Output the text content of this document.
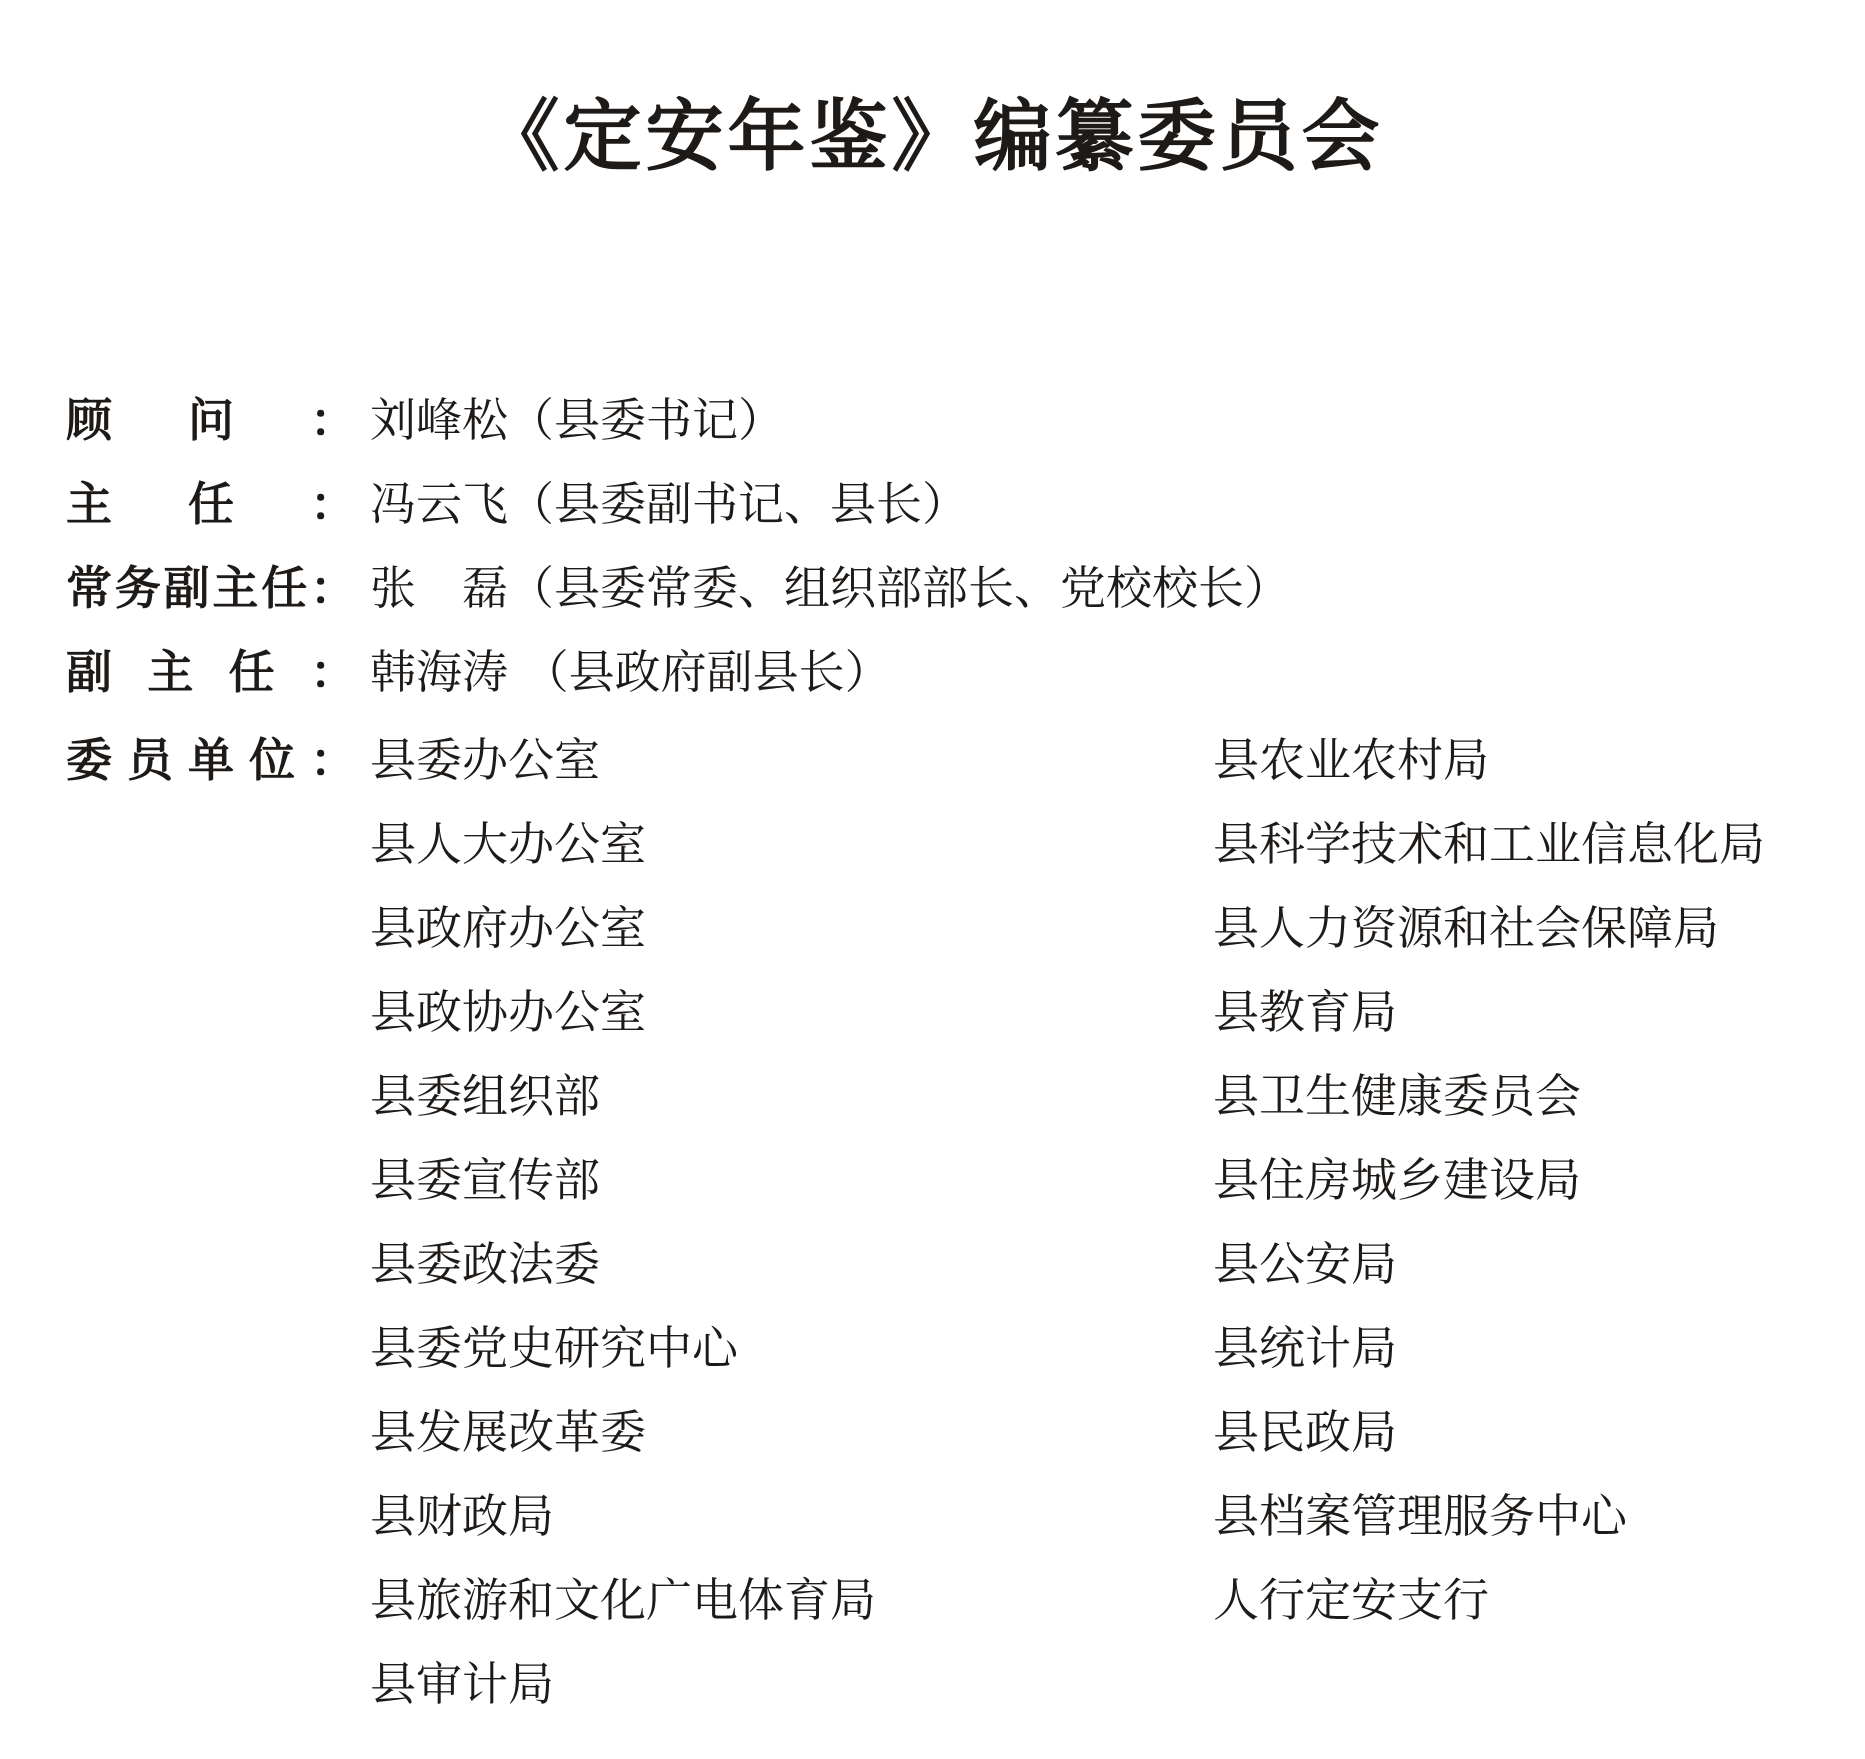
《定安年鉴》编纂委员会
顾问： 刘峰松（县委书记）
主任： 冯云飞（县委副书记、县长）
常务副主任： 张　磊（县委常委、组织部部长、党校校长）
副主任： 韩海涛 （县政府副县长）
委员单位： 县委办公室
县人大办公室
县政府办公室
县政协办公室
县委组织部
县委宣传部
县委政法委
县委党史研究中心
县发展改革委
县财政局
县旅游和文化广电体育局
县审计局
县农业农村局
县科学技术和工业信息化局
县人力资源和社会保障局
县教育局
县卫生健康委员会
县住房城乡建设局
县公安局
县统计局
县民政局
县档案管理服务中心
人行定安支行
